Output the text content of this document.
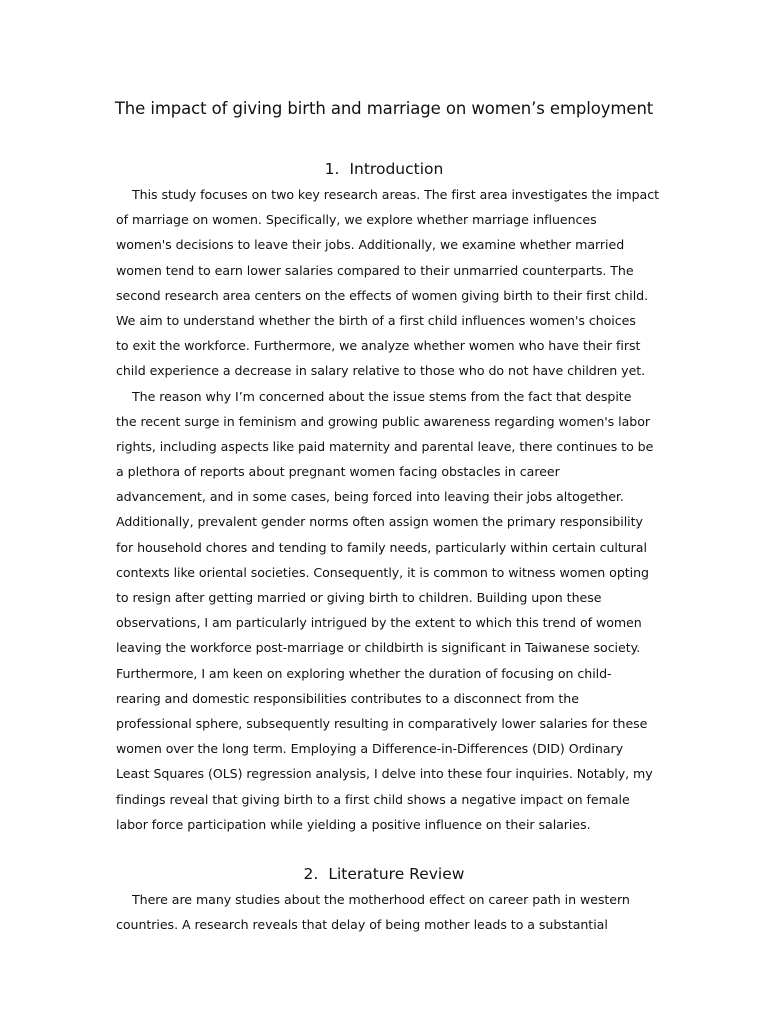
The impact of giving birth and marriage on women’s employment
1. Introduction
This study focuses on two key research areas. The first area investigates the impact
of marriage on women. Specifically, we explore whether marriage influences
women's decisions to leave their jobs. Additionally, we examine whether married
women tend to earn lower salaries compared to their unmarried counterparts. The
second research area centers on the effects of women giving birth to their first child.
We aim to understand whether the birth of a first child influences women's choices
to exit the workforce. Furthermore, we analyze whether women who have their first
child experience a decrease in salary relative to those who do not have children yet.
The reason why I’m concerned about the issue stems from the fact that despite
the recent surge in feminism and growing public awareness regarding women's labor
rights, including aspects like paid maternity and parental leave, there continues to be
a plethora of reports about pregnant women facing obstacles in career
advancement, and in some cases, being forced into leaving their jobs altogether.
Additionally, prevalent gender norms often assign women the primary responsibility
for household chores and tending to family needs, particularly within certain cultural
contexts like oriental societies. Consequently, it is common to witness women opting
to resign after getting married or giving birth to children. Building upon these
observations, I am particularly intrigued by the extent to which this trend of women
leaving the workforce post-marriage or childbirth is significant in Taiwanese society.
Furthermore, I am keen on exploring whether the duration of focusing on child-
rearing and domestic responsibilities contributes to a disconnect from the
professional sphere, subsequently resulting in comparatively lower salaries for these
women over the long term. Employing a Difference-in-Differences (DID) Ordinary
Least Squares (OLS) regression analysis, I delve into these four inquiries. Notably, my
findings reveal that giving birth to a first child shows a negative impact on female
labor force participation while yielding a positive influence on their salaries.
2. Literature Review
There are many studies about the motherhood effect on career path in western
countries. A research reveals that delay of being mother leads to a substantial
